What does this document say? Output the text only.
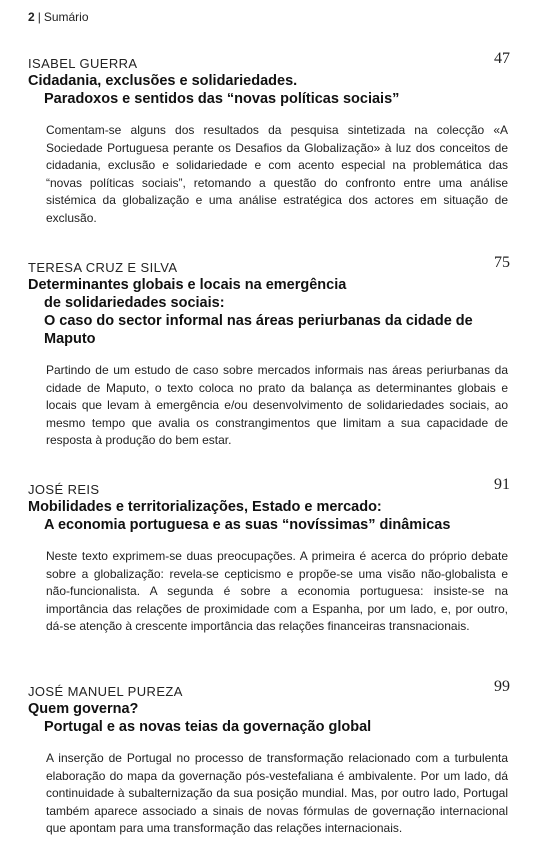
2 | Sumário
ISABEL GUERRA	47
Cidadania, exclusões e solidariedades.
Paradoxos e sentidos das “novas políticas sociais”

Comentam-se alguns dos resultados da pesquisa sintetizada na colecção «A Sociedade Portuguesa perante os Desafios da Globalização» à luz dos conceitos de cidadania, exclusão e solidariedade e com acento especial na problemática das “novas políticas sociais”, retomando a questão do confronto entre uma análise sistémica da globalização e uma análise estratégica dos actores em situação de exclusão.

TERESA CRUZ E SILVA	75
Determinantes globais e locais na emergência
de solidariedades sociais:
O caso do sector informal nas áreas periurbanas da cidade de Maputo

Partindo de um estudo de caso sobre mercados informais nas áreas periurbanas da cidade de Maputo, o texto coloca no prato da balança as determinantes globais e locais que levam à emergência e/ou desenvolvimento de solidariedades sociais, ao mesmo tempo que avalia os constrangimentos que limitam a sua capacidade de resposta à produção do bem estar.

JOSÉ REIS	91
Mobilidades e territorializações, Estado e mercado:
A economia portuguesa e as suas “novíssimas” dinâmicas

Neste texto exprimem-se duas preocupações. A primeira é acerca do próprio debate sobre a globalização: revela-se cepticismo e propõe-se uma visão não-globalista e não-funcionalista. A segunda é sobre a economia portuguesa: insiste-se na importância das relações de proximidade com a Espanha, por um lado, e, por outro, dá-se atenção à crescente importância das relações financeiras transnacionais.

JOSÉ MANUEL PUREZA	99
Quem governa?
Portugal e as novas teias da governação global

A inserção de Portugal no processo de transformação relacionado com a turbulenta elaboração do mapa da governação pós-vestefaliana é ambivalente. Por um lado, dá continuidade à subalternização da sua posição mundial. Mas, por outro lado, Portugal também aparece associado a sinais de novas fórmulas de governação internacional que apontam para uma transformação das relações internacionais.
